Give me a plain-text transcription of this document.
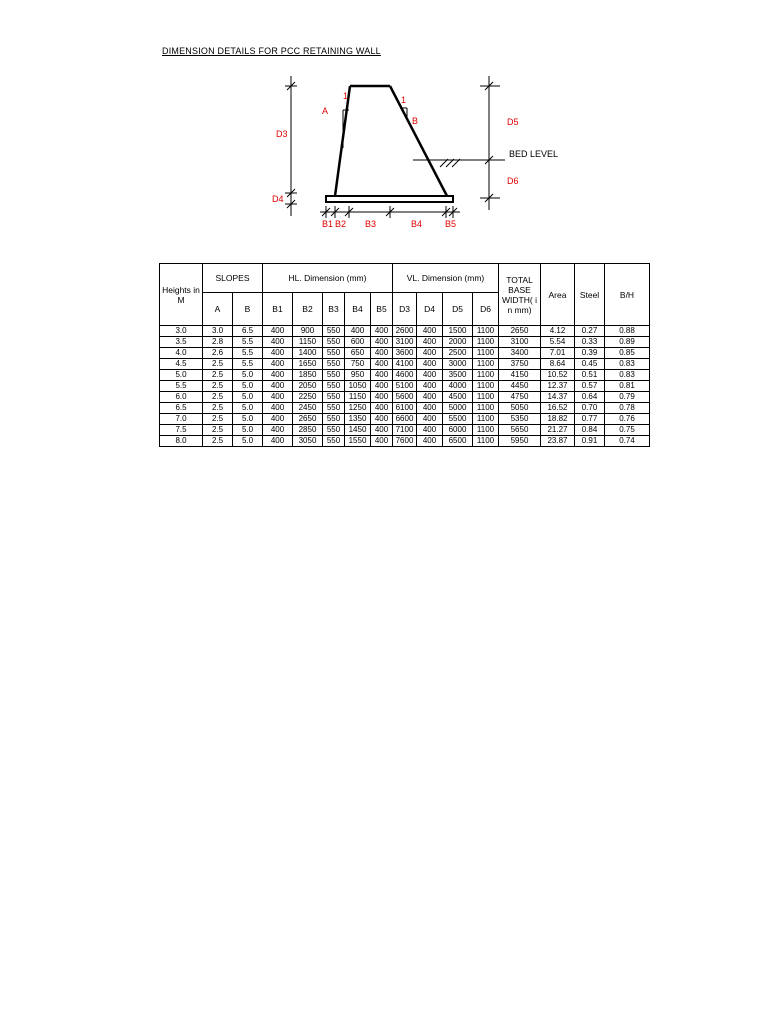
DIMENSION DETAILS FOR PCC RETAINING WALL
A
1	1
B
D3
D4
D5
D6
BED LEVEL
B1 B2 B3	B4	B5
Heights in M	SLOPES		HL. Dimension (mm)					VL. Dimension (mm)				TOTAL BASE WIDTH( i n mm)	Area	Steel	B/H
	A	B	B1	B2	B3	B4	B5	D3	D4	D5	D6				
3.0	3.0	6.5	400	900	550	400	400	2600	400	1500	1100	2650	4.12	0.27	0.88
3.5	2.8	5.5	400	1150	550	600	400	3100	400	2000	1100	3100	5.54	0.33	0.89
4.0	2.6	5.5	400	1400	550	650	400	3600	400	2500	1100	3400	7.01	0.39	0.85
4.5	2.5	5.5	400	1650	550	750	400	4100	400	3000	1100	3750	8.64	0.45	0.83
5.0	2.5	5.0	400	1850	550	950	400	4600	400	3500	1100	4150	10.52	0.51	0.83
5.5	2.5	5.0	400	2050	550	1050	400	5100	400	4000	1100	4450	12.37	0.57	0.81
6.0	2.5	5.0	400	2250	550	1150	400	5600	400	4500	1100	4750	14.37	0.64	0.79
6.5	2.5	5.0	400	2450	550	1250	400	6100	400	5000	1100	5050	16.52	0.70	0.78
7.0	2.5	5.0	400	2650	550	1350	400	6600	400	5500	1100	5350	18.82	0.77	0.76
7.5	2.5	5.0	400	2850	550	1450	400	7100	400	6000	1100	5650	21.27	0.84	0.75
8.0	2.5	5.0	400	3050	550	1550	400	7600	400	6500	1100	5950	23.87	0.91	0.74
